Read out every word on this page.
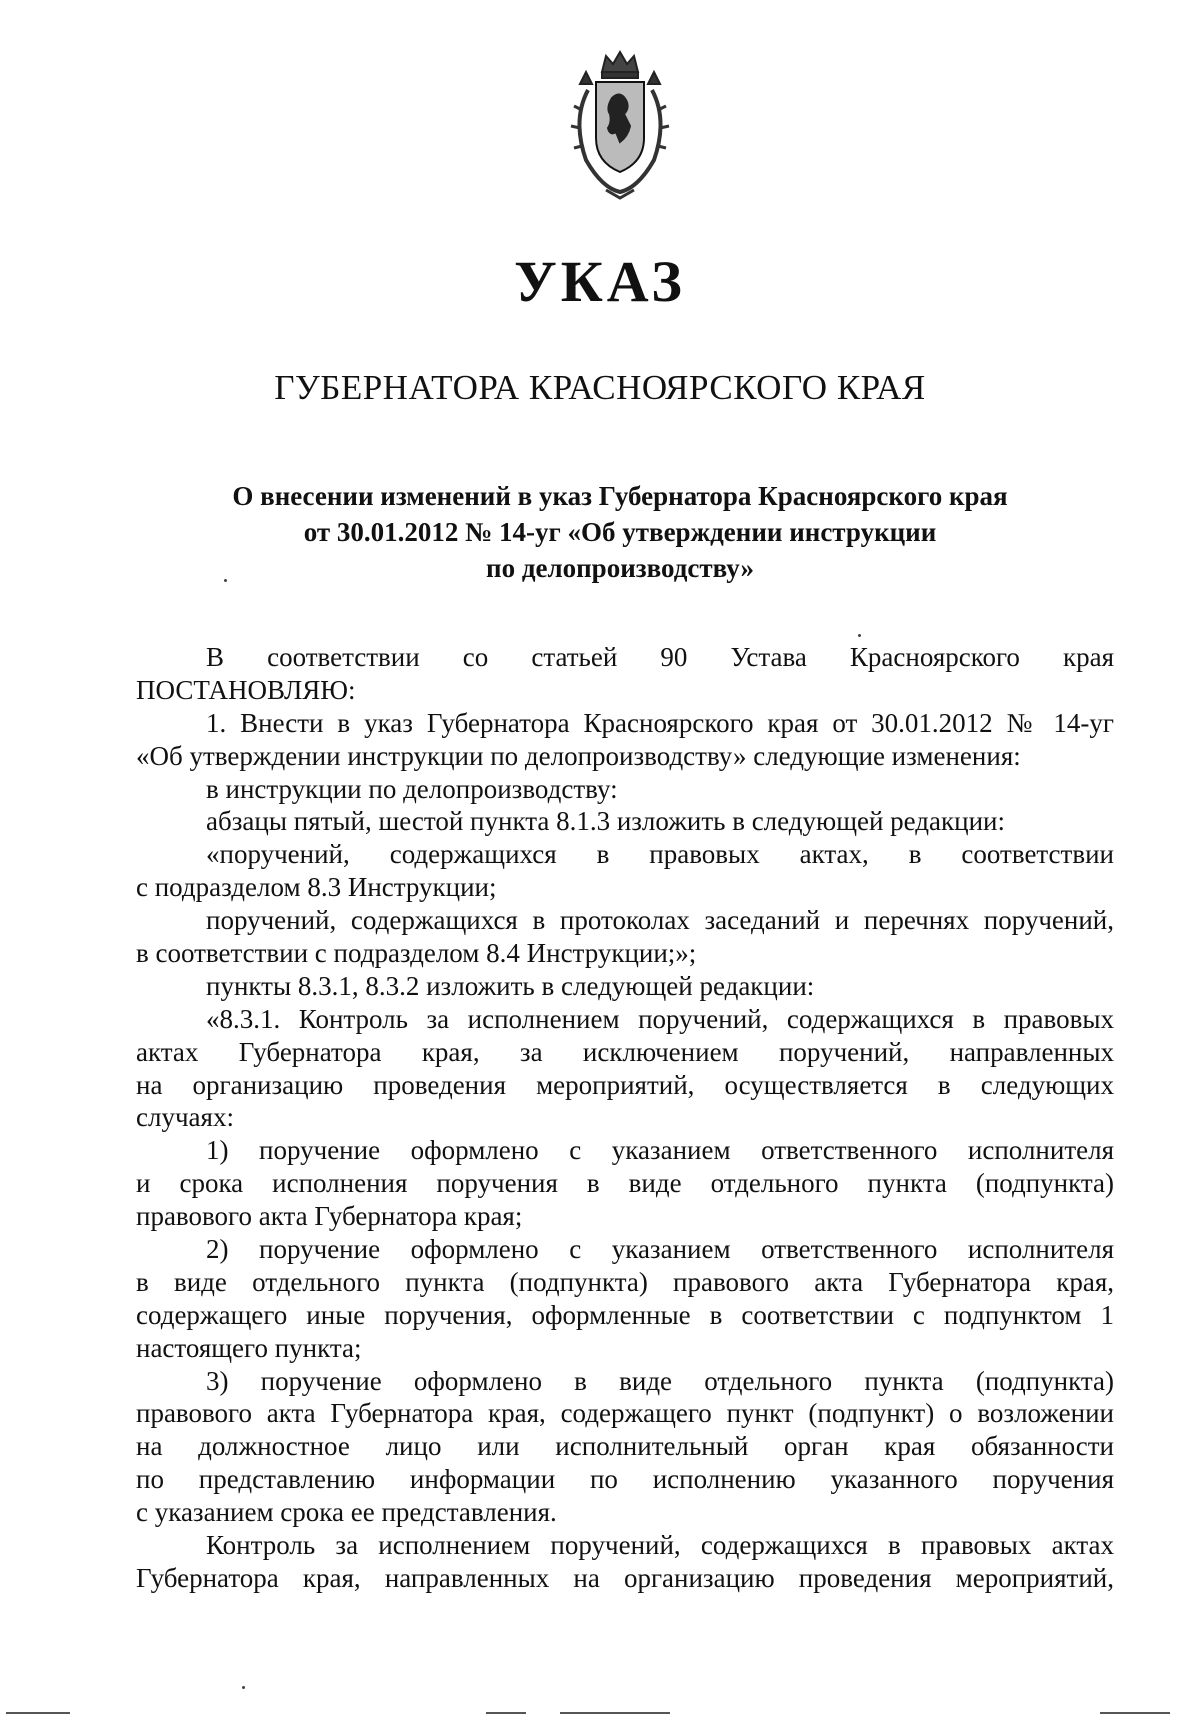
УКАЗ
ГУБЕРНАТОРА КРАСНОЯРСКОГО КРАЯ
О внесении изменений в указ Губернатора Красноярского края
от 30.01.2012 № 14-уг «Об утверждении инструкции
по делопроизводству»
В соответствии со статьей 90 Устава Красноярского края
ПОСТАНОВЛЯЮ:
1. Внести в указ Губернатора Красноярского края от 30.01.2012 № 14-уг
«Об утверждении инструкции по делопроизводству» следующие изменения:
в инструкции по делопроизводству:
абзацы пятый, шестой пункта 8.1.3 изложить в следующей редакции:
«поручений, содержащихся в правовых актах, в соответствии
с подразделом 8.3 Инструкции;
поручений, содержащихся в протоколах заседаний и перечнях поручений,
в соответствии с подразделом 8.4 Инструкции;»;
пункты 8.3.1, 8.3.2 изложить в следующей редакции:
«8.3.1. Контроль за исполнением поручений, содержащихся в правовых
актах Губернатора края, за исключением поручений, направленных
на организацию проведения мероприятий, осуществляется в следующих
случаях:
1) поручение оформлено с указанием ответственного исполнителя
и срока исполнения поручения в виде отдельного пункта (подпункта)
правового акта Губернатора края;
2) поручение оформлено с указанием ответственного исполнителя
в виде отдельного пункта (подпункта) правового акта Губернатора края,
содержащего иные поручения, оформленные в соответствии с подпунктом 1
настоящего пункта;
3) поручение оформлено в виде отдельного пункта (подпункта)
правового акта Губернатора края, содержащего пункт (подпункт) о возложении
на должностное лицо или исполнительный орган края обязанности
по представлению информации по исполнению указанного поручения
с указанием срока ее представления.
Контроль за исполнением поручений, содержащихся в правовых актах
Губернатора края, направленных на организацию проведения мероприятий,
